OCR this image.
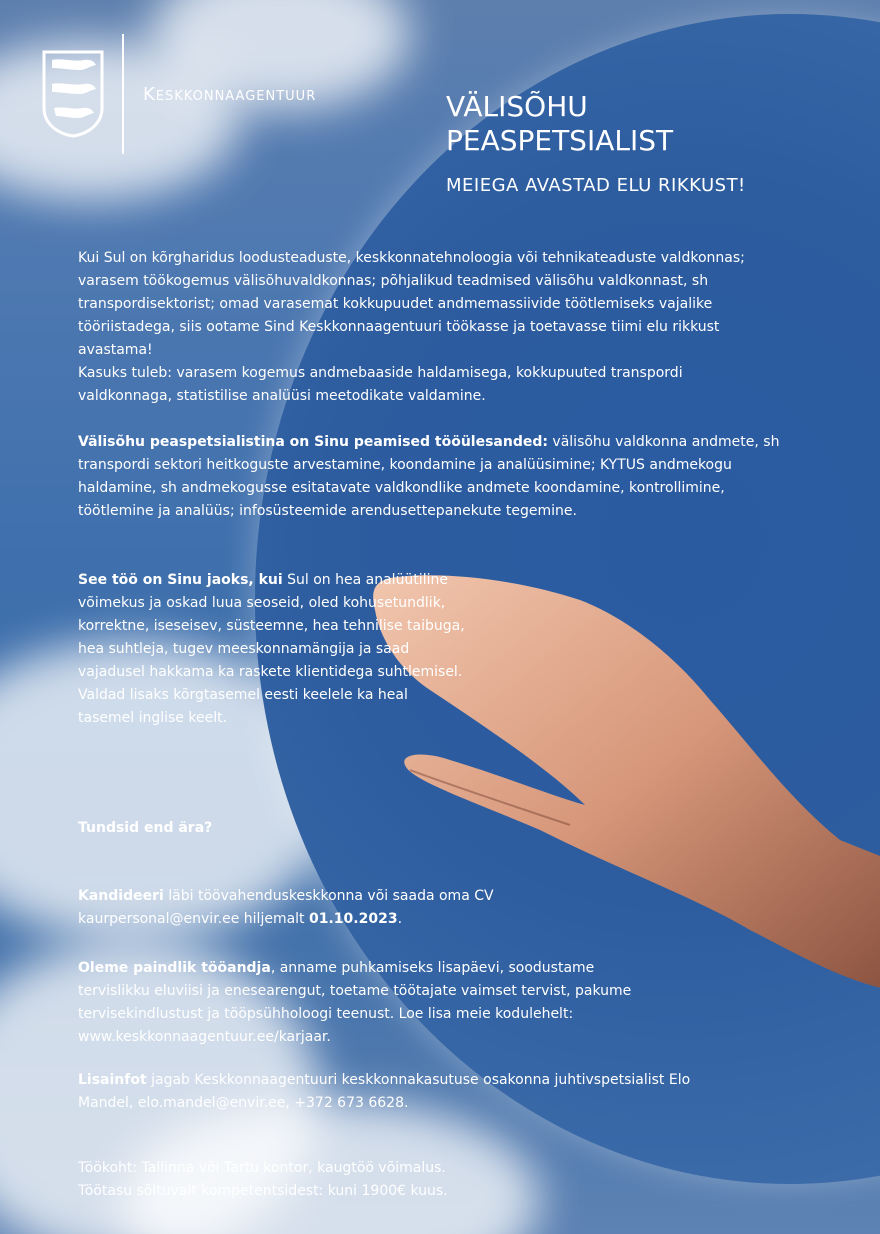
Keskkonnaagentuur	VÄLISÕHU
PEASPETSIALIST
MEIEGA AVASTAD ELU RIKKUST!
Kui Sul on kõrgharidus loodusteaduste, keskkonnatehnoloogia või tehnikateaduste valdkonnas; varasem töökogemus välisõhuvaldkonnas; põhjalikud teadmised välisõhu valdkonnast, sh transpordisektorist; omad varasemat kokkupuudet andmemassiivide töötlemiseks vajalike tööriistadega, siis ootame Sind Keskkonnaagentuuri töökasse ja toetavasse tiimi elu rikkust avastama!
Kasuks tuleb: varasem kogemus andmebaaside haldamisega, kokkupuuted transpordi valdkonnaga, statistilise analüüsi meetodikate valdamine.
Välisõhu peaspetsialistina on Sinu peamised tööülesanded: välisõhu valdkonna andmete, sh transpordi sektori heitkoguste arvestamine, koondamine ja analüüsimine; KYTUS andmekogu haldamine, sh andmekogusse esitatavate valdkondlike andmete koondamine, kontrollimine, töötlemine ja analüüs; infosüsteemide arendusettepanekute tegemine.
See töö on Sinu jaoks, kui Sul on hea analüütiline võimekus ja oskad luua seoseid, oled kohusetundlik, korrektne, iseseisev, süsteemne, hea tehnilise taibuga, hea suhtleja, tugev meeskonnamängija ja saad vajadusel hakkama ka raskete klientidega suhtlemisel. Valdad lisaks kõrgtasemel eesti keelele ka heal tasemel inglise keelt.
Tundsid end ära?
Kandideeri läbi töövahenduskeskkonna või saada oma CV kaurpersonal@envir.ee hiljemalt 01.10.2023.
Oleme paindlik tööandja, anname puhkamiseks lisapäevi, soodustame tervislikku eluviisi ja enesearengut, toetame töötajate vaimset tervist, pakume tervisekindlustust ja tööpsühholoogi teenust. Loe lisa meie kodulehelt: www.keskkonnaagentuur.ee/karjaar.
Lisainfot jagab Keskkonnaagentuuri keskkonnakasutuse osakonna juhtivspetsialist Elo Mandel, elo.mandel@envir.ee, +372 673 6628.
Töökoht: Tallinna või Tartu kontor, kaugtöö võimalus.
Töötasu sõltuvalt kompetentsidest: kuni 1900€ kuus.
